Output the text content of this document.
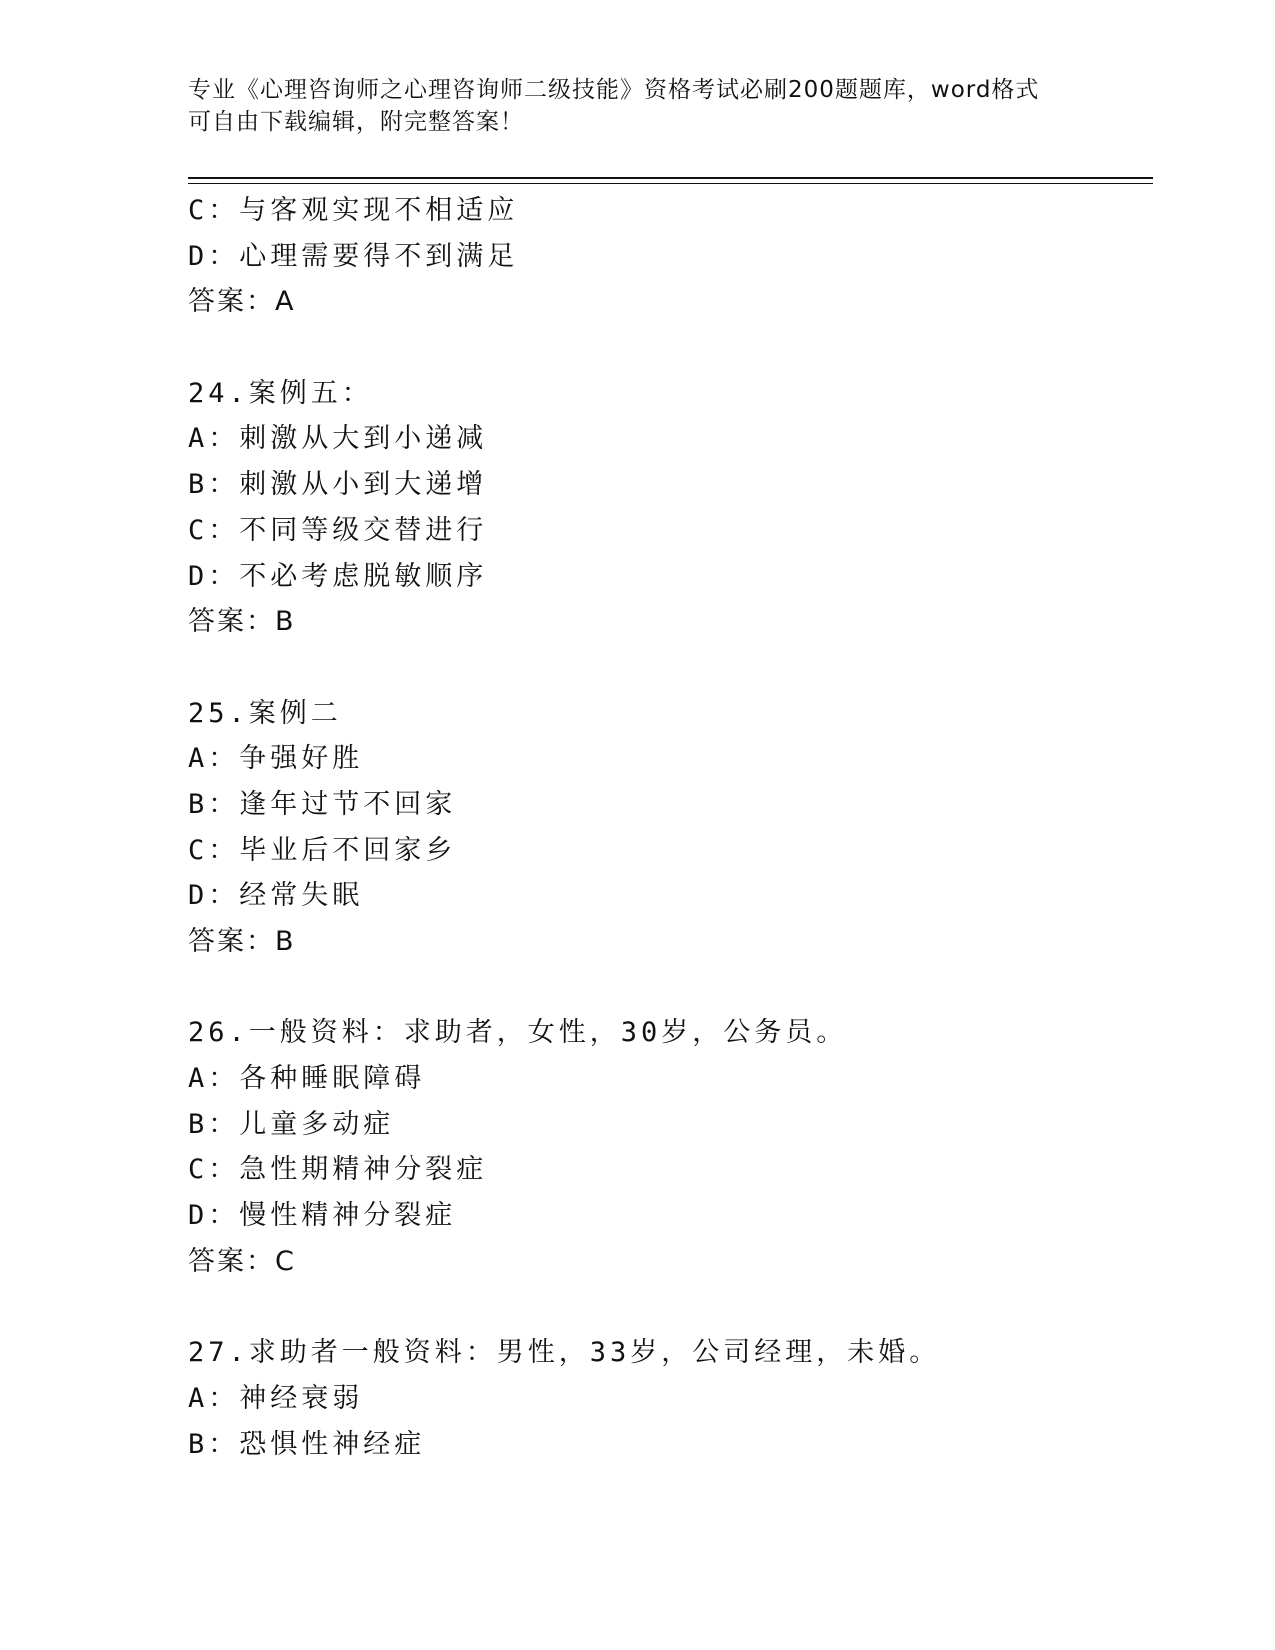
专业《心理咨询师之心理咨询师二级技能》资格考试必刷200题题库，word格式
可自由下载编辑，附完整答案！
C：与客观实现不相适应
D：心理需要得不到满足
答案：A
24.案例五：
A：刺激从大到小递减
B：刺激从小到大递增
C：不同等级交替进行
D：不必考虑脱敏顺序
答案：B
25.案例二
A：争强好胜
B：逢年过节不回家
C：毕业后不回家乡
D：经常失眠
答案：B
26.一般资料：求助者，女性，30岁，公务员。
A：各种睡眠障碍
B：儿童多动症
C：急性期精神分裂症
D：慢性精神分裂症
答案：C
27.求助者一般资料：男性，33岁，公司经理，未婚。
A：神经衰弱
B：恐惧性神经症
